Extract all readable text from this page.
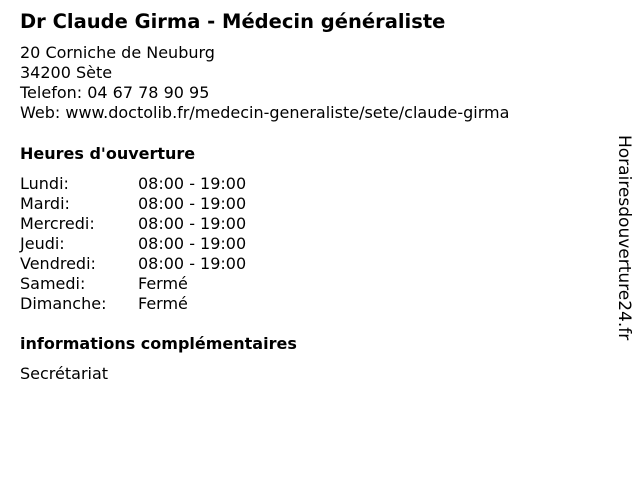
Dr Claude Girma - Médecin généraliste
20 Corniche de Neuburg
34200 Sète
Telefon: 04 67 78 90 95
Web: www.doctolib.fr/medecin-generaliste/sete/claude-girma
Heures d'ouverture
Lundi:	08:00 - 19:00
Mardi:	08:00 - 19:00
Mercredi:	08:00 - 19:00
Jeudi:	08:00 - 19:00
Vendredi:	08:00 - 19:00
Samedi:	Fermé
Dimanche: Fermé
informations complémentaires
Secrétariat
Horairesdouverture24.fr
